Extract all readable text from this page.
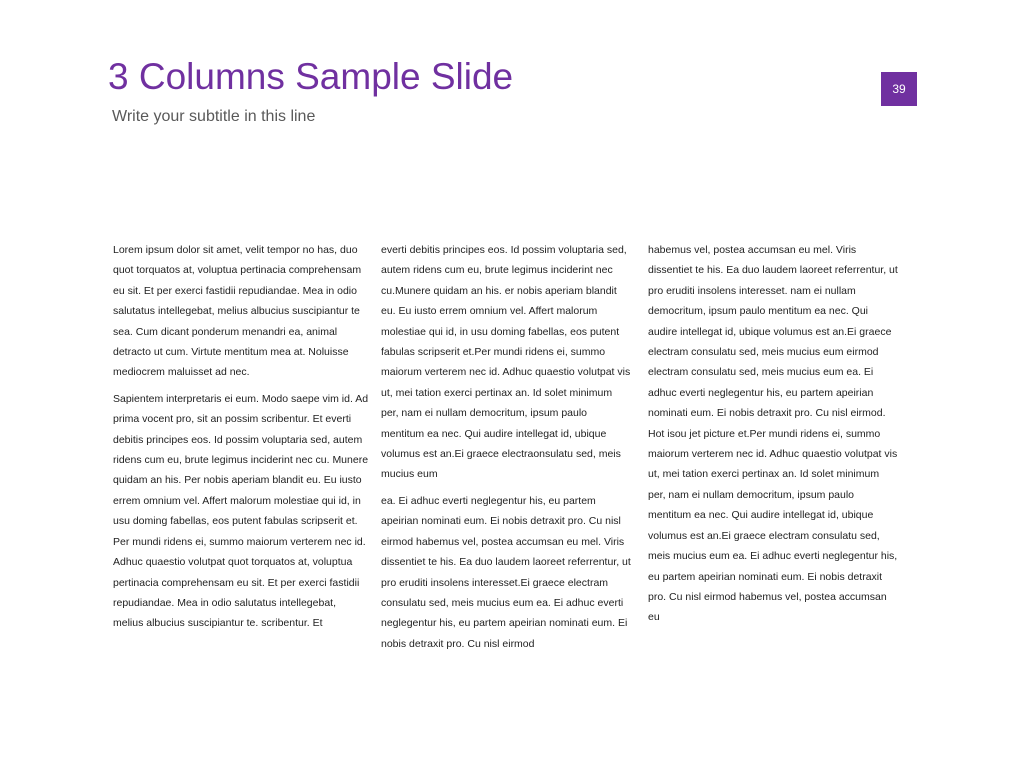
3 Columns Sample Slide
Write your subtitle in this line
39

Lorem ipsum dolor sit amet, velit tempor no has, duo quot torquatos at, voluptua pertinacia comprehensam eu sit. Et per exerci fastidii repudiandae. Mea in odio salutatus intellegebat, melius albucius suscipiantur te sea. Cum dicant ponderum menandri ea, animal detracto ut cum. Virtute mentitum mea at. Noluisse mediocrem maluisset ad nec.

Sapientem interpretaris ei eum. Modo saepe vim id. Ad prima vocent pro, sit an possim scribentur. Et everti debitis principes eos. Id possim voluptaria sed, autem ridens cum eu, brute legimus inciderint nec cu. Munere quidam an his. Per nobis aperiam blandit eu. Eu iusto errem omnium vel. Affert malorum molestiae qui id, in usu doming fabellas, eos putent fabulas scripserit et. Per mundi ridens ei, summo maiorum verterem nec id. Adhuc quaestio volutpat quot torquatos at, voluptua pertinacia comprehensam eu sit. Et per exerci fastidii repudiandae. Mea in odio salutatus intellegebat, melius albucius suscipiantur te. scribentur. Et

everti debitis principes eos. Id possim voluptaria sed, autem ridens cum eu, brute legimus inciderint nec cu.Munere quidam an his. er nobis aperiam blandit eu. Eu iusto errem omnium vel. Affert malorum molestiae qui id, in usu doming fabellas, eos putent fabulas scripserit et.Per mundi ridens ei, summo maiorum verterem nec id. Adhuc quaestio volutpat vis ut, mei tation exerci pertinax an. Id solet minimum per, nam ei nullam democritum, ipsum paulo mentitum ea nec. Qui audire intellegat id, ubique volumus est an.Ei graece electraonsulatu sed, meis mucius eum

ea. Ei adhuc everti neglegentur his, eu partem apeirian nominati eum. Ei nobis detraxit pro. Cu nisl eirmod habemus vel, postea accumsan eu mel. Viris dissentiet te his. Ea duo laudem laoreet referrentur, ut pro eruditi insolens interesset.Ei graece electram consulatu sed, meis mucius eum ea. Ei adhuc everti neglegentur his, eu partem apeirian nominati eum. Ei nobis detraxit pro. Cu nisl eirmod

habemus vel, postea accumsan eu mel. Viris dissentiet te his. Ea duo laudem laoreet referrentur, ut pro eruditi insolens interesset. nam ei nullam democritum, ipsum paulo mentitum ea nec. Qui audire intellegat id, ubique volumus est an.Ei graece electram consulatu sed, meis mucius eum eirmod electram consulatu sed, meis mucius eum ea. Ei adhuc everti neglegentur his, eu partem apeirian nominati eum. Ei nobis detraxit pro. Cu nisl eirmod. Hot isou jet picture et.Per mundi ridens ei, summo maiorum verterem nec id. Adhuc quaestio volutpat vis ut, mei tation exerci pertinax an. Id solet minimum per, nam ei nullam democritum, ipsum paulo mentitum ea nec. Qui audire intellegat id, ubique volumus est an.Ei graece electram consulatu sed, meis mucius eum ea. Ei adhuc everti neglegentur his, eu partem apeirian nominati eum. Ei nobis detraxit pro. Cu nisl eirmod habemus vel, postea accumsan eu
